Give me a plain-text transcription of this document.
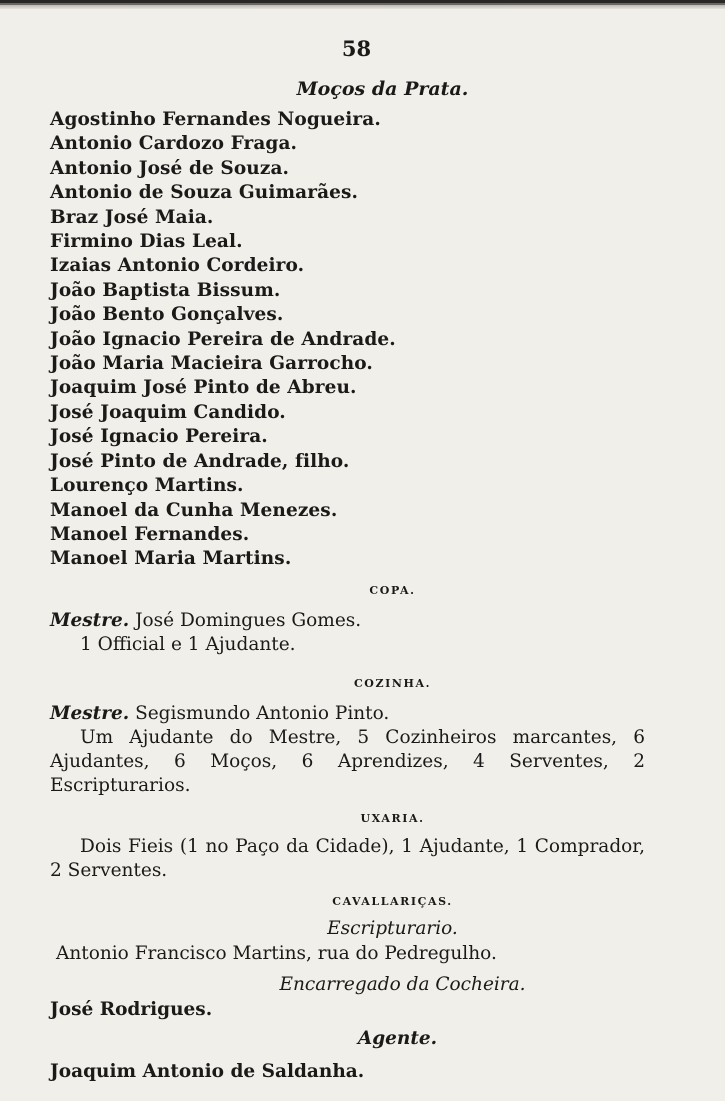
58
Moços da Prata.
Agostinho Fernandes Nogueira.
Antonio Cardozo Fraga.
Antonio José de Souza.
Antonio de Souza Guimarães.
Braz José Maia.
Firmino Dias Leal.
Izaias Antonio Cordeiro.
João Baptista Bissum.
João Bento Gonçalves.
João Ignacio Pereira de Andrade.
João Maria Macieira Garrocho.
Joaquim José Pinto de Abreu.
José Joaquim Candido.
José Ignacio Pereira.
José Pinto de Andrade, filho.
Lourenço Martins.
Manoel da Cunha Menezes.
Manoel Fernandes.
Manoel Maria Martins.
COPA.
Mestre. José Domingues Gomes.
1 Official e 1 Ajudante.
COZINHA.
Mestre. Segismundo Antonio Pinto.
Um Ajudante do Mestre, 5 Cozinheiros marcantes, 6 Ajudantes, 6 Moços, 6 Aprendizes, 4 Serventes, 2 Escripturarios.
UXARIA.
Dois Fieis (1 no Paço da Cidade), 1 Ajudante, 1 Comprador, 2 Serventes.
CAVALLARIÇAS.
Escripturario.
Antonio Francisco Martins, rua do Pedregulho.
Encarregado da Cocheira.
José Rodrigues.
Agente.
Joaquim Antonio de Saldanha.
